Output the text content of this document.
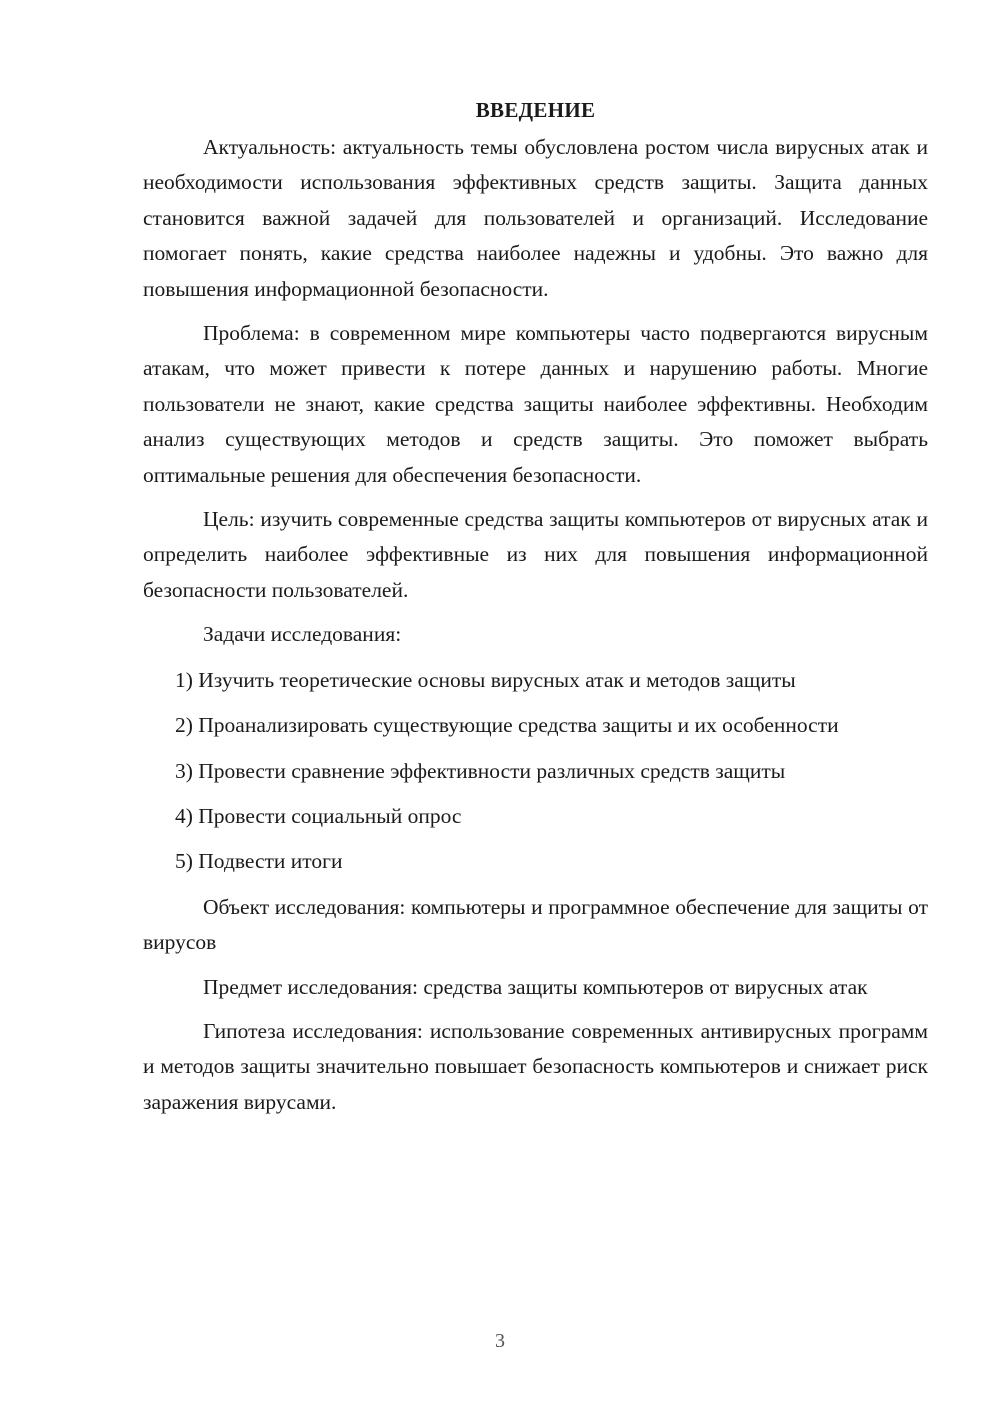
ВВЕДЕНИЕ

Актуальность: актуальность темы обусловлена ростом числа вирусных атак и необходимости использования эффективных средств защиты. Защита данных становится важной задачей для пользователей и организаций. Исследование помогает понять, какие средства наиболее надежны и удобны. Это важно для повышения информационной безопасности.

Проблема: в современном мире компьютеры часто подвергаются вирусным атакам, что может привести к потере данных и нарушению работы. Многие пользователи не знают, какие средства защиты наиболее эффективны. Необходим анализ существующих методов и средств защиты. Это поможет выбрать оптимальные решения для обеспечения безопасности.

Цель: изучить современные средства защиты компьютеров от вирусных атак и определить наиболее эффективные из них для повышения информационной безопасности пользователей.

Задачи исследования:

1) Изучить теоретические основы вирусных атак и методов защиты

2) Проанализировать существующие средства защиты и их особенности

3) Провести сравнение эффективности различных средств защиты

4) Провести социальный опрос

5) Подвести итоги

Объект исследования: компьютеры и программное обеспечение для защиты от вирусов

Предмет исследования: средства защиты компьютеров от вирусных атак

Гипотеза исследования: использование современных антивирусных программ и методов защиты значительно повышает безопасность компьютеров и снижает риск заражения вирусами.

3
